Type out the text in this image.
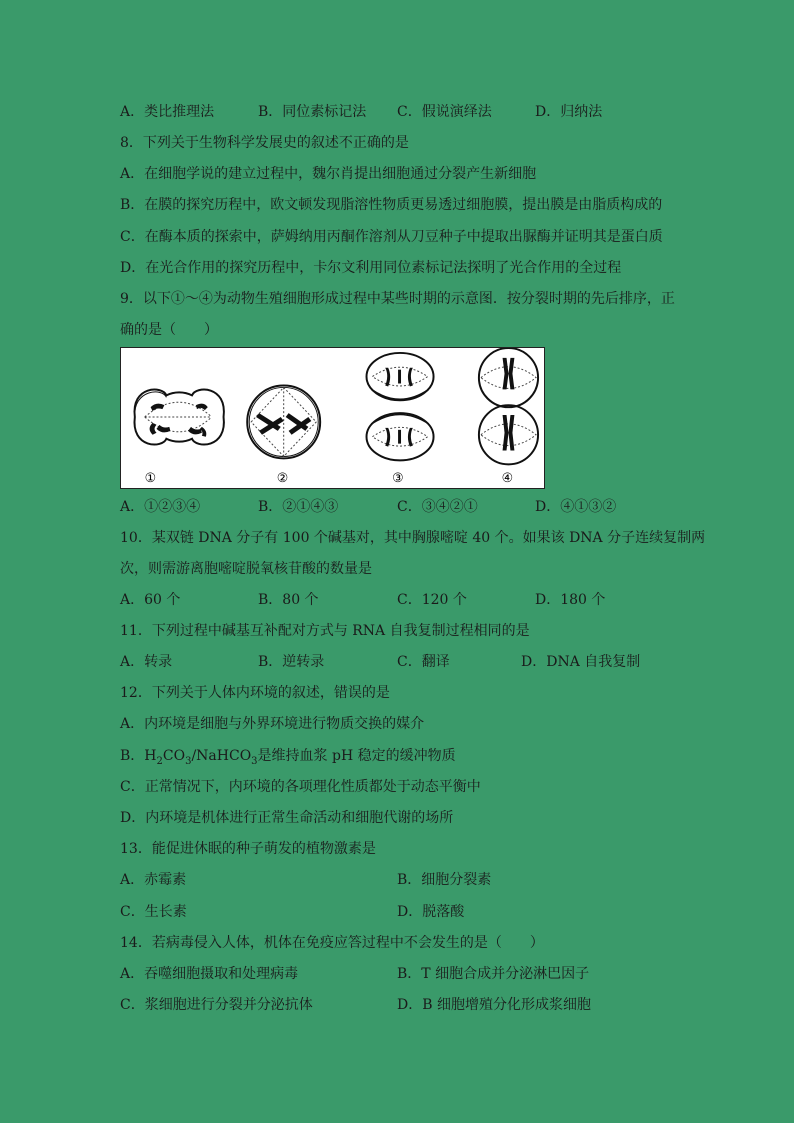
A．类比推理法	B．同位素标记法 C．假说演绎法	D．归纳法
8．下列关于生物科学发展史的叙述不正确的是
A．在细胞学说的建立过程中，魏尔肖提出细胞通过分裂产生新细胞
B．在膜的探究历程中，欧文顿发现脂溶性物质更易透过细胞膜，提出膜是由脂质构成的
C．在酶本质的探索中，萨姆纳用丙酮作溶剂从刀豆种子中提取出脲酶并证明其是蛋白质
D．在光合作用的探究历程中，卡尔文利用同位素标记法探明了光合作用的全过程
9．以下①～④为动物生殖细胞形成过程中某些时期的示意图．按分裂时期的先后排序，正
确的是（　　）
①	②	③	④
A．①②③④	B．②①④③	C．③④②①	D．④①③②
10．某双链 DNA 分子有 100 个碱基对，其中胸腺嘧啶 40 个。如果该 DNA 分子连续复制两
次，则需游离胞嘧啶脱氧核苷酸的数量是
A．60 个	B．80 个	C．120 个	D．180 个
11．下列过程中碱基互补配对方式与 RNA 自我复制过程相同的是
A．转录	B．逆转录	C．翻译	D．DNA 自我复制
12．下列关于人体内环境的叙述，错误的是
A．内环境是细胞与外界环境进行物质交换的媒介
B．$H_2CO_3/NaHCO_3$是维持血浆 pH 稳定的缓冲物质
C．正常情况下，内环境的各项理化性质都处于动态平衡中
D．内环境是机体进行正常生命活动和细胞代谢的场所
13．能促进休眠的种子萌发的植物激素是
A．赤霉素	B．细胞分裂素
C．生长素	D．脱落酸
14．若病毒侵入人体，机体在免疫应答过程中不会发生的是（　　）
A．吞噬细胞摄取和处理病毒	B．T 细胞合成并分泌淋巴因子
C．浆细胞进行分裂并分泌抗体	D．B 细胞增殖分化形成浆细胞
